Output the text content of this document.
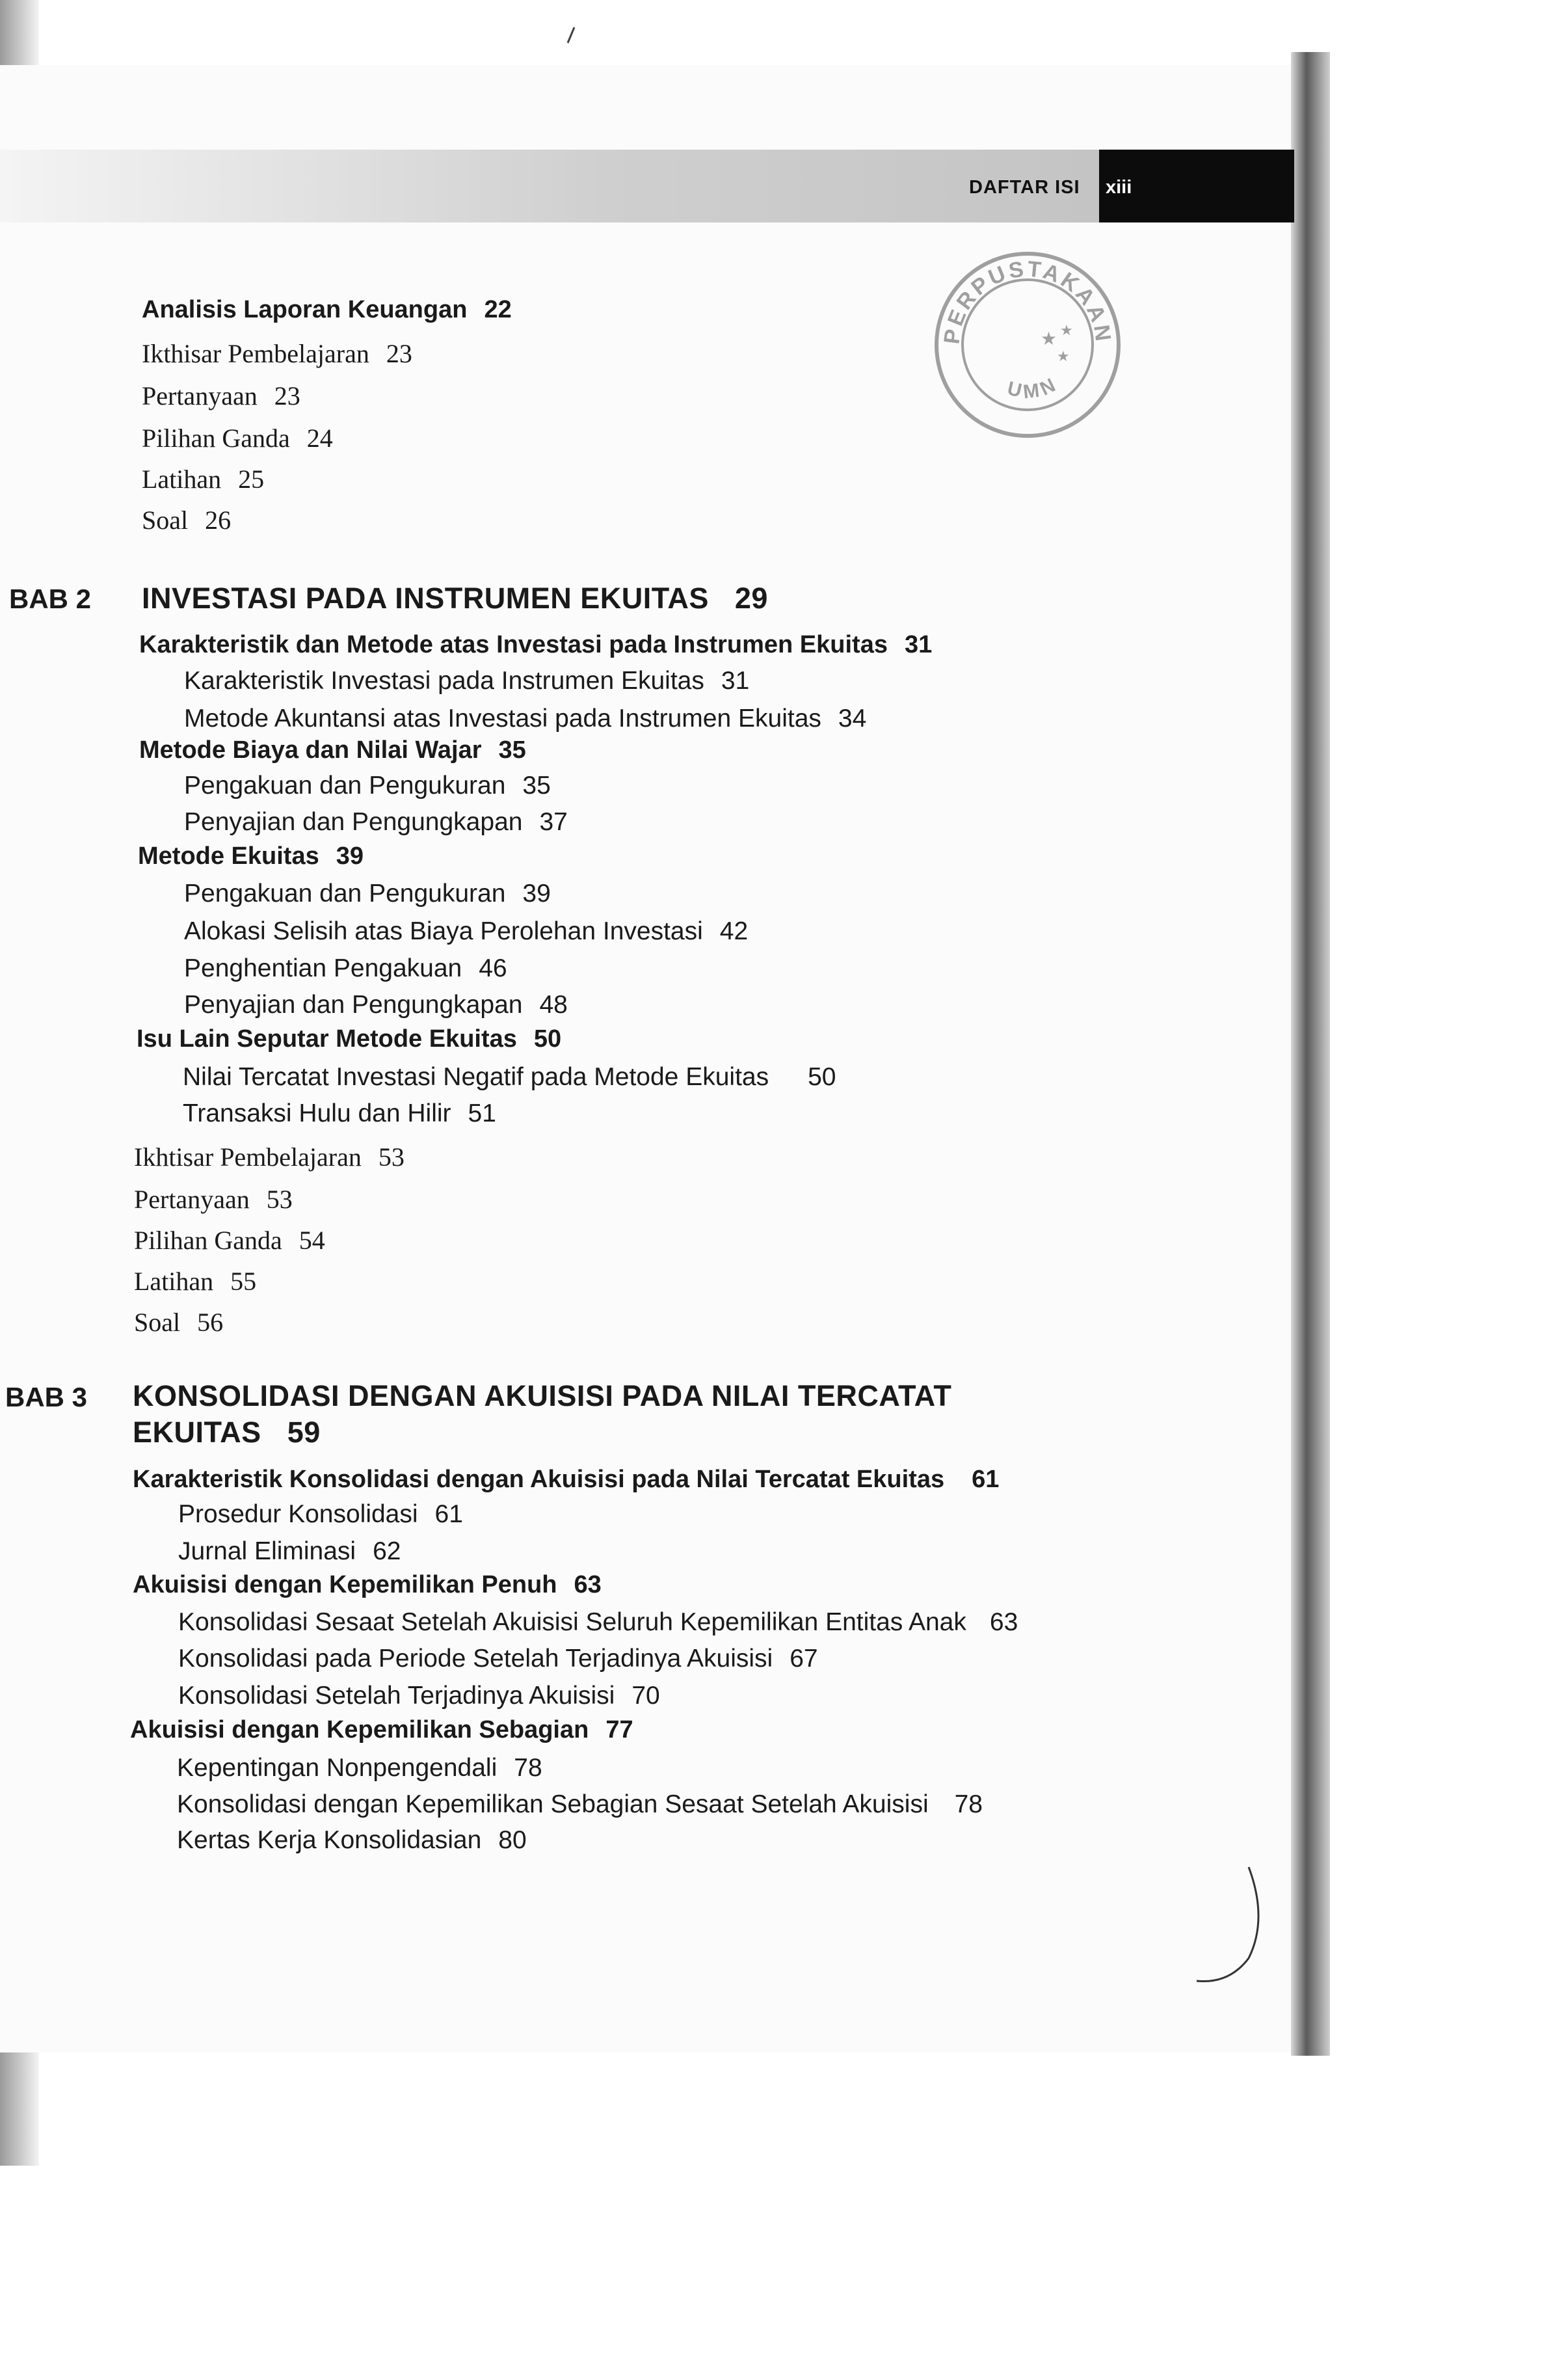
DAFTAR ISI xiii
PERPUSTAKAAN
UMN
★
★
★
Analisis Laporan Keuangan 22
Ikthisar Pembelajaran 23
Pertanyaan 23
Pilihan Ganda 24
Latihan 25
Soal 26
BAB 2 INVESTASI PADA INSTRUMEN EKUITAS 29
Karakteristik dan Metode atas Investasi pada Instrumen Ekuitas 31
Karakteristik Investasi pada Instrumen Ekuitas 31
Metode Akuntansi atas Investasi pada Instrumen Ekuitas 34
Metode Biaya dan Nilai Wajar 35
Pengakuan dan Pengukuran 35
Penyajian dan Pengungkapan 37
Metode Ekuitas 39
Pengakuan dan Pengukuran 39
Alokasi Selisih atas Biaya Perolehan Investasi 42
Penghentian Pengakuan 46
Penyajian dan Pengungkapan 48
Isu Lain Seputar Metode Ekuitas 50
Nilai Tercatat Investasi Negatif pada Metode Ekuitas 50
Transaksi Hulu dan Hilir 51
Ikhtisar Pembelajaran 53
Pertanyaan 53
Pilihan Ganda 54
Latihan 55
Soal 56
BAB 3 KONSOLIDASI DENGAN AKUISISI PADA NILAI TERCATAT
EKUITAS 59
Karakteristik Konsolidasi dengan Akuisisi pada Nilai Tercatat Ekuitas 61
Prosedur Konsolidasi 61
Jurnal Eliminasi 62
Akuisisi dengan Kepemilikan Penuh 63
Konsolidasi Sesaat Setelah Akuisisi Seluruh Kepemilikan Entitas Anak 63
Konsolidasi pada Periode Setelah Terjadinya Akuisisi 67
Konsolidasi Setelah Terjadinya Akuisisi 70
Akuisisi dengan Kepemilikan Sebagian 77
Kepentingan Nonpengendali 78
Konsolidasi dengan Kepemilikan Sebagian Sesaat Setelah Akuisisi 78
Kertas Kerja Konsolidasian 80
